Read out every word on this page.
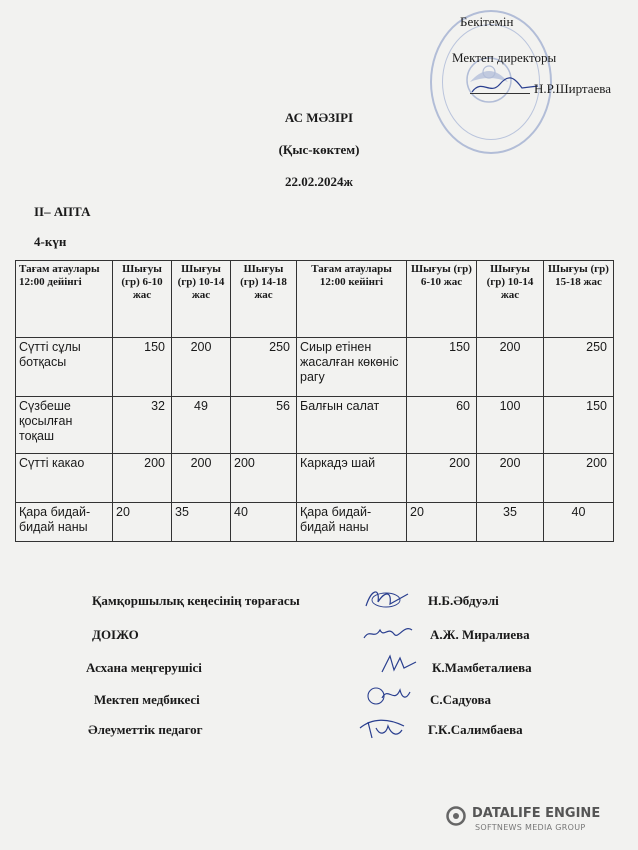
Бекітемін
Мектеп директоры
Н.Р.Ширтаева
АС МӘЗІРІ
(Қыс-көктем)
22.02.2024ж
II– АПТА
4-күн
Тағам атаулары 12:00 дейінгі	Шығуы (гр) 6-10 жас	Шығуы (гр) 10-14 жас	Шығуы (гр) 14-18 жас	Тағам атаулары 12:00 кейінгі	Шығуы (гр) 6-10 жас	Шығуы (гр) 10-14 жас	Шығуы (гр) 15-18 жас
Сүтті сұлы ботқасы	150	200	250	Сиыр етінен жасалған көкөніс рагу	150	200	250
Сүзбеше қосылған тоқаш	32	49	56	Балғын салат	60	100	150
Сүтті какао	200	200	200	Каркадэ шай	200	200	200
Қара бидай-бидай наны	20	35	40	Қара бидай-бидай наны	20	35	40
Қамқоршылық кеңесінің төрағасы	Н.Б.Әбдуәлі
ДОІЖО	А.Ж. Миралиева
Асхана меңгерушісі	К.Мамбеталиева
Мектеп медбикесі	С.Садуова
Әлеуметтік педагог	Г.К.Салимбаева
DATALIFE ENGINE
SOFTNEWS MEDIA GROUP
